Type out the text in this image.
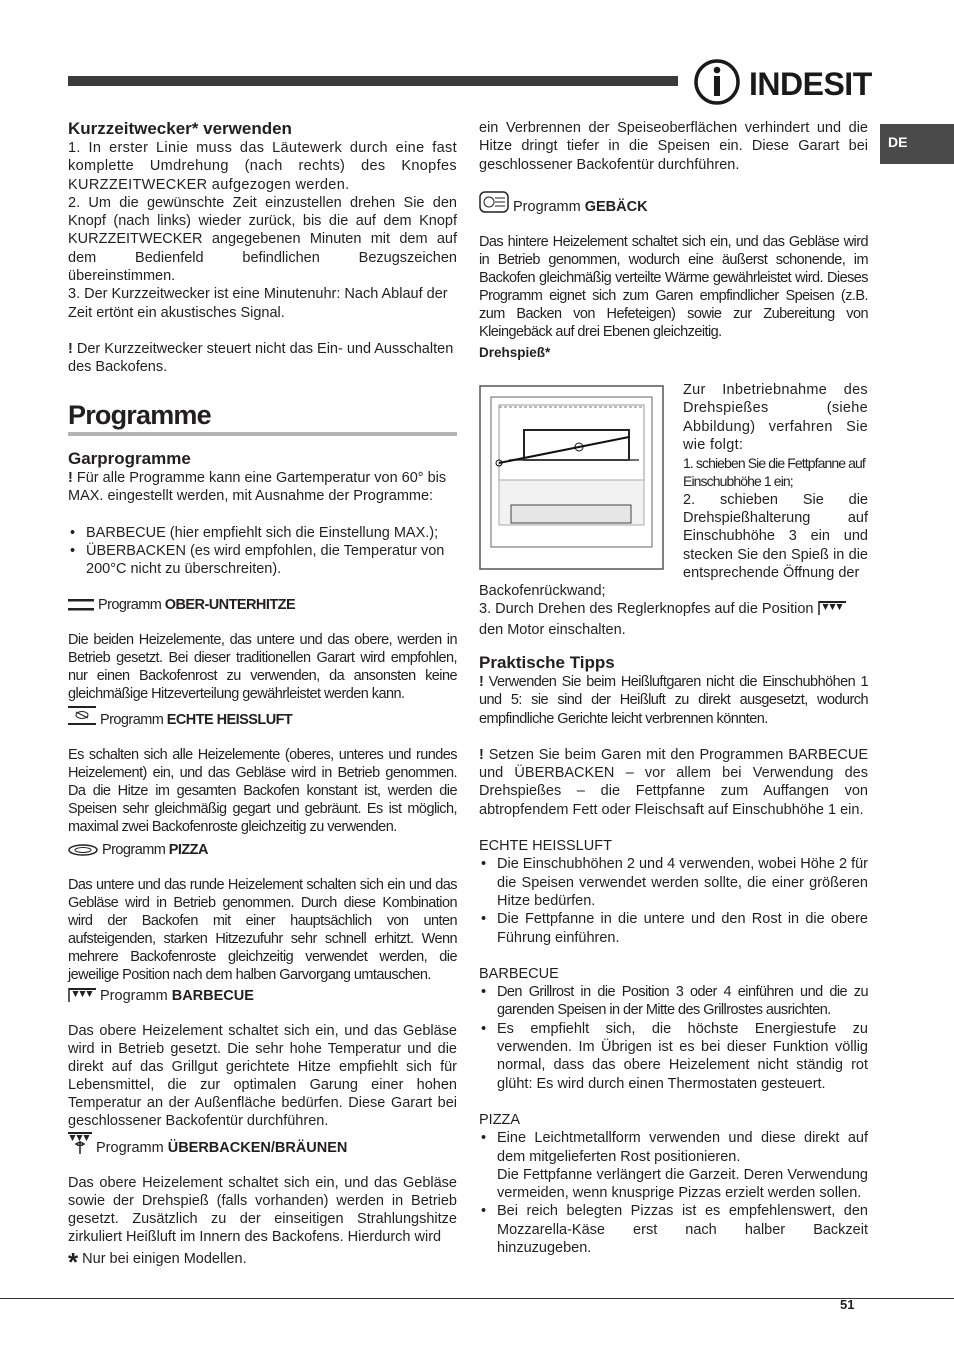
INDESIT
DE
Kurzzeitwecker* verwenden

1. In erster Linie muss das Läutewerk durch eine fast komplette Umdrehung (nach rechts) des Knopfes KURZZEITWECKER aufgezogen werden.

2. Um die gewünschte Zeit einzustellen drehen Sie den Knopf (nach links) wieder zurück, bis die auf dem Knopf KURZZEITWECKER angegebenen Minuten mit dem auf dem Bedienfeld befindlichen Bezugszeichen übereinstimmen.

3. Der Kurzzeitwecker ist eine Minutenuhr: Nach Ablauf der Zeit ertönt ein akustisches Signal.

! Der Kurzzeitwecker steuert nicht das Ein- und Ausschalten des Backofens.

Programme
Garprogramme

! Für alle Programme kann eine Gartemperatur von 60° bis MAX. eingestellt werden, mit Ausnahme der Programme:

• BARBECUE (hier empfiehlt sich die Einstellung MAX.);
• ÜBERBACKEN (es wird empfohlen, die Temperatur von 200°C nicht zu überschreiten).
Programm OBER-UNTERHITZE

Die beiden Heizelemente, das untere und das obere, werden in Betrieb gesetzt. Bei dieser traditionellen Garart wird empfohlen, nur einen Backofenrost zu verwenden, da ansonsten keine gleichmäßige Hitzeverteilung gewährleistet werden kann.

Programm ECHTE HEISSLUFT

Es schalten sich alle Heizelemente (oberes, unteres und rundes Heizelement) ein, und das Gebläse wird in Betrieb genommen. Da die Hitze im gesamten Backofen konstant ist, werden die Speisen sehr gleichmäßig gegart und gebräunt. Es ist möglich, maximal zwei Backofenroste gleichzeitig zu verwenden.

Programm PIZZA

Das untere und das runde Heizelement schalten sich ein und das Gebläse wird in Betrieb genommen. Durch diese Kombination wird der Backofen mit einer hauptsächlich von unten aufsteigenden, starken Hitzezufuhr sehr schnell erhitzt. Wenn mehrere Backofenroste gleichzeitig verwendet werden, die jeweilige Position nach dem halben Garvorgang umtauschen.

Programm BARBECUE

Das obere Heizelement schaltet sich ein, und das Gebläse wird in Betrieb gesetzt. Die sehr hohe Temperatur und die direkt auf das Grillgut gerichtete Hitze empfiehlt sich für Lebensmittel, die zur optimalen Garung einer hohen Temperatur an der Außenfläche bedürfen. Diese Garart bei geschlossener Backofentür durchführen.

Programm ÜBERBACKEN/BRÄUNEN

Das obere Heizelement schaltet sich ein, und das Gebläse sowie der Drehspieß (falls vorhanden) werden in Betrieb gesetzt. Zusätzlich zu der einseitigen Strahlungshitze zirkuliert Heißluft im Innern des Backofens. Hierdurch wird

* Nur bei einigen Modellen.

ein Verbrennen der Speiseoberflächen verhindert und die Hitze dringt tiefer in die Speisen ein. Diese Garart bei geschlossener Backofentür durchführen.

Programm GEBÄCK

Das hintere Heizelement schaltet sich ein, und das Gebläse wird in Betrieb genommen, wodurch eine äußerst schonende, im Backofen gleichmäßig verteilte Wärme gewährleistet wird. Dieses Programm eignet sich zum Garen empfindlicher Speisen (z.B. zum Backen von Hefeteigen) sowie zur Zubereitung von Kleingebäck auf drei Ebenen gleichzeitig.

Drehspieß*

Zur Inbetriebnahme des Drehspießes (siehe Abbildung) verfahren Sie wie folgt:

1. schieben Sie die Fettpfanne auf Einschubhöhe 1 ein;

2. schieben Sie die Drehspießhalterung auf Einschubhöhe 3 ein und stecken Sie den Spieß in die entsprechende Öffnung der

Backofenrückwand;

3. Durch Drehen des Reglerknopfes auf die Position

den Motor einschalten.

Praktische Tipps

! Verwenden Sie beim Heißluftgaren nicht die Einschubhöhen 1 und 5: sie sind der Heißluft zu direkt ausgesetzt, wodurch empfindliche Gerichte leicht verbrennen könnten.

! Setzen Sie beim Garen mit den Programmen BARBECUE und ÜBERBACKEN – vor allem bei Verwendung des Drehspießes – die Fettpfanne zum Auffangen von abtropfendem Fett oder Fleischsaft auf Einschubhöhe 1 ein.

ECHTE HEISSLUFT

• Die Einschubhöhen 2 und 4 verwenden, wobei Höhe 2 für die Speisen verwendet werden sollte, die einer größeren Hitze bedürfen.
• Die Fettpfanne in die untere und den Rost in die obere Führung einführen.

BARBECUE

• Den Grillrost in die Position 3 oder 4 einführen und die zu garenden Speisen in der Mitte des Grillrostes ausrichten.
• Es empfiehlt sich, die höchste Energiestufe zu verwenden. Im Übrigen ist es bei dieser Funktion völlig normal, dass das obere Heizelement nicht ständig rot glüht: Es wird durch einen Thermostaten gesteuert.

PIZZA

• Eine Leichtmetallform verwenden und diese direkt auf dem mitgelieferten Rost positionieren.
Die Fettpfanne verlängert die Garzeit. Deren Verwendung vermeiden, wenn knusprige Pizzas erzielt werden sollen.
• Bei reich belegten Pizzas ist es empfehlenswert, den Mozzarella-Käse erst nach halber Backzeit hinzuzugeben.
51
